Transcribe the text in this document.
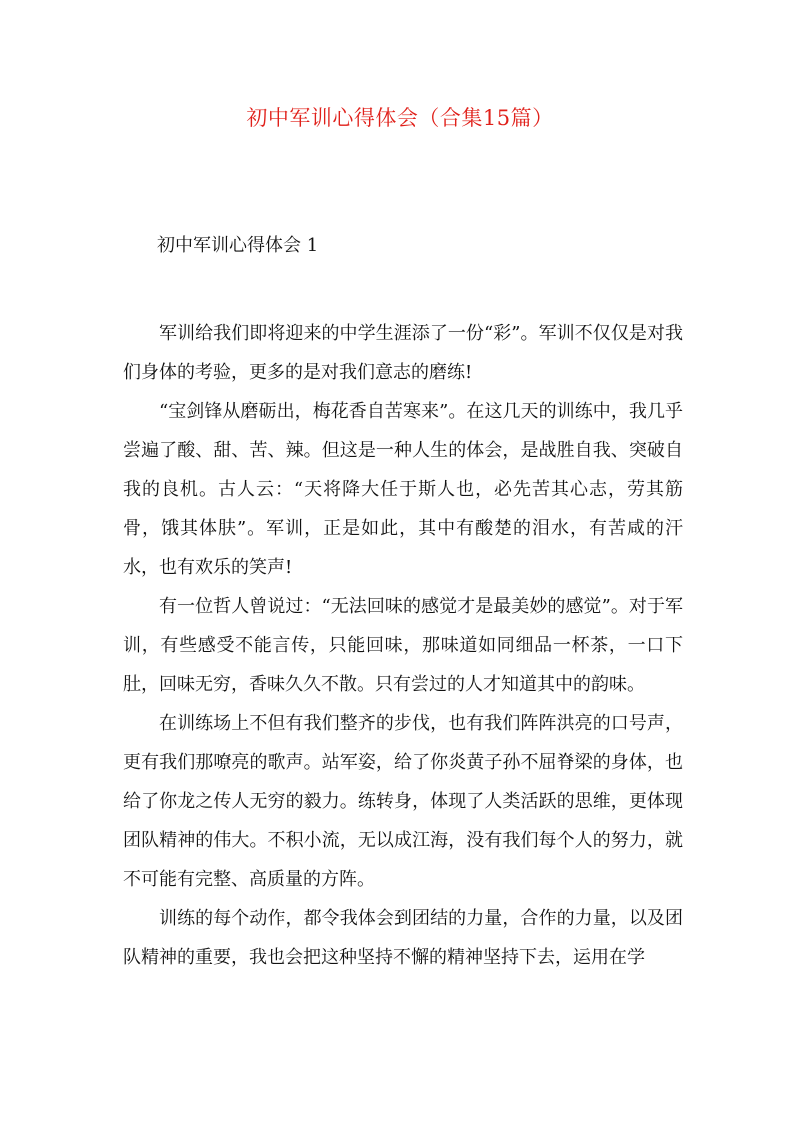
初中军训心得体会（合集15篇）
初中军训心得体会 1

军训给我们即将迎来的中学生涯添了一份“彩”。军训不仅仅是对我们身体的考验，更多的是对我们意志的磨练!

“宝剑锋从磨砺出，梅花香自苦寒来”。在这几天的训练中，我几乎尝遍了酸、甜、苦、辣。但这是一种人生的体会，是战胜自我、突破自我的良机。古人云：“天将降大任于斯人也，必先苦其心志，劳其筋骨，饿其体肤”。军训，正是如此，其中有酸楚的泪水，有苦咸的汗水，也有欢乐的笑声!

有一位哲人曾说过：“无法回味的感觉才是最美妙的感觉”。对于军训，有些感受不能言传，只能回味，那味道如同细品一杯茶，一口下肚，回味无穷，香味久久不散。只有尝过的人才知道其中的韵味。

在训练场上不但有我们整齐的步伐，也有我们阵阵洪亮的口号声，更有我们那嘹亮的歌声。站军姿，给了你炎黄子孙不屈脊梁的身体，也给了你龙之传人无穷的毅力。练转身，体现了人类活跃的思维，更体现团队精神的伟大。不积小流，无以成江海，没有我们每个人的努力，就不可能有完整、高质量的方阵。

训练的每个动作，都令我体会到团结的力量，合作的力量，以及团队精神的重要，我也会把这种坚持不懈的精神坚持下去，运用在学
